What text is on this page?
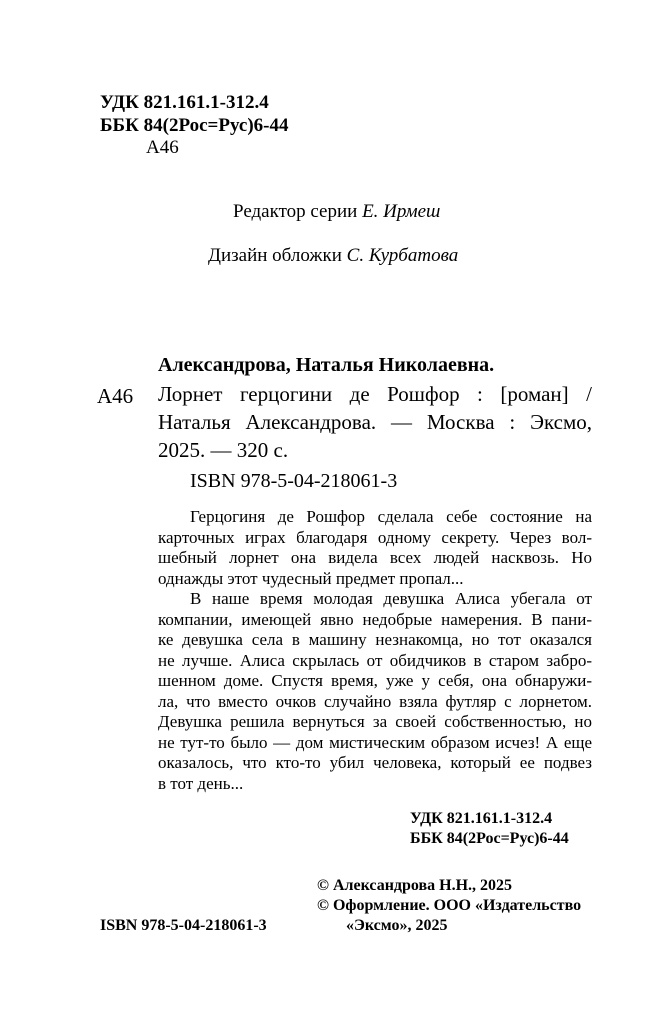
УДК 821.161.1-312.4
ББК 84(2Рос=Рус)6-44
А46
Редактор серии Е. Ирмеш
Дизайн обложки С. Курбатова
Александрова, Наталья Николаевна.
А46 Лорнет герцогини де Рошфор : [роман] /
Наталья Александрова. — Москва : Эксмо,
2025. — 320 с.
ISBN 978-5-04-218061-3
Герцогиня де Рошфор сделала себе состояние на
карточных играх благодаря одному секрету. Через вол-
шебный лорнет она видела всех людей насквозь. Но
однажды этот чудесный предмет пропал...
В наше время молодая девушка Алиса убегала от
компании, имеющей явно недобрые намерения. В пани-
ке девушка села в машину незнакомца, но тот оказался
не лучше. Алиса скрылась от обидчиков в старом забро-
шенном доме. Спустя время, уже у себя, она обнаружи-
ла, что вместо очков случайно взяла футляр с лорнетом.
Девушка решила вернуться за своей собственностью, но
не тут-то было — дом мистическим образом исчез! А еще
оказалось, что кто-то убил человека, который ее подвез
в тот день...
УДК 821.161.1-312.4
ББК 84(2Рос=Рус)6-44
© Александрова Н.Н., 2025
© Оформление. ООО «Издательство
«Эксмо», 2025
ISBN 978-5-04-218061-3
